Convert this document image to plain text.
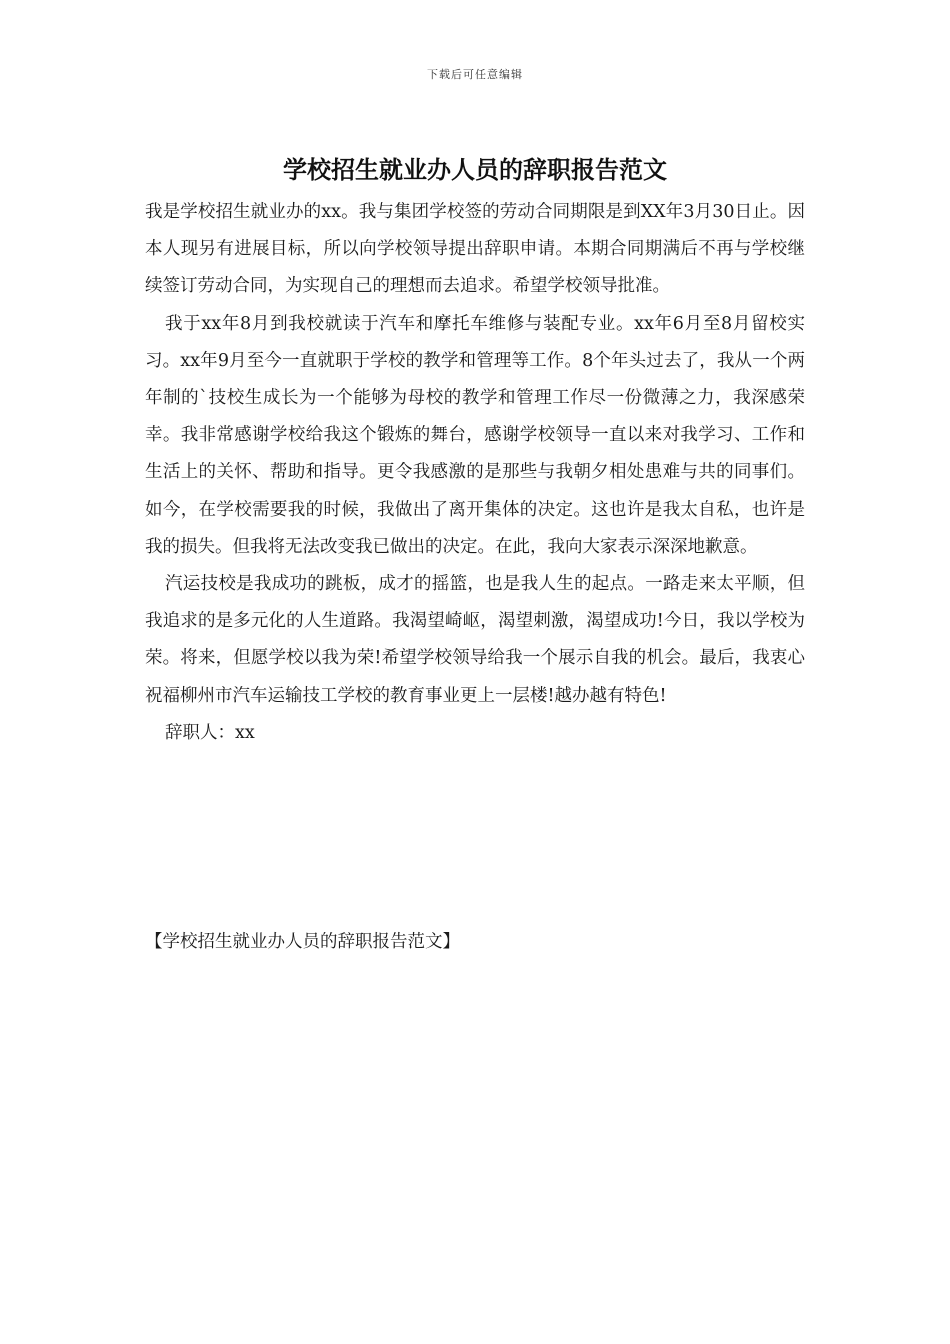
下载后可任意编辑
学校招生就业办人员的辞职报告范文

我是学校招生就业办的xx。我与集团学校签的劳动合同期限是到XX年3月30日止。因本人现另有进展目标，所以向学校领导提出辞职申请。本期合同期满后不再与学校继续签订劳动合同，为实现自己的理想而去追求。希望学校领导批准。

我于xx年8月到我校就读于汽车和摩托车维修与装配专业。xx年6月至8月留校实习。xx年9月至今一直就职于学校的教学和管理等工作。8个年头过去了，我从一个两年制的`技校生成长为一个能够为母校的教学和管理工作尽一份微薄之力，我深感荣幸。我非常感谢学校给我这个锻炼的舞台，感谢学校领导一直以来对我学习、工作和生活上的关怀、帮助和指导。更令我感激的是那些与我朝夕相处患难与共的同事们。如今，在学校需要我的时候，我做出了离开集体的决定。这也许是我太自私，也许是我的损失。但我将无法改变我已做出的决定。在此，我向大家表示深深地歉意。

汽运技校是我成功的跳板，成才的摇篮，也是我人生的起点。一路走来太平顺，但我追求的是多元化的人生道路。我渴望崎岖，渴望刺激，渴望成功!今日，我以学校为荣。将来，但愿学校以我为荣!希望学校领导给我一个展示自我的机会。最后，我衷心祝福柳州市汽车运输技工学校的教育事业更上一层楼!越办越有特色!

辞职人：xx

【学校招生就业办人员的辞职报告范文】
